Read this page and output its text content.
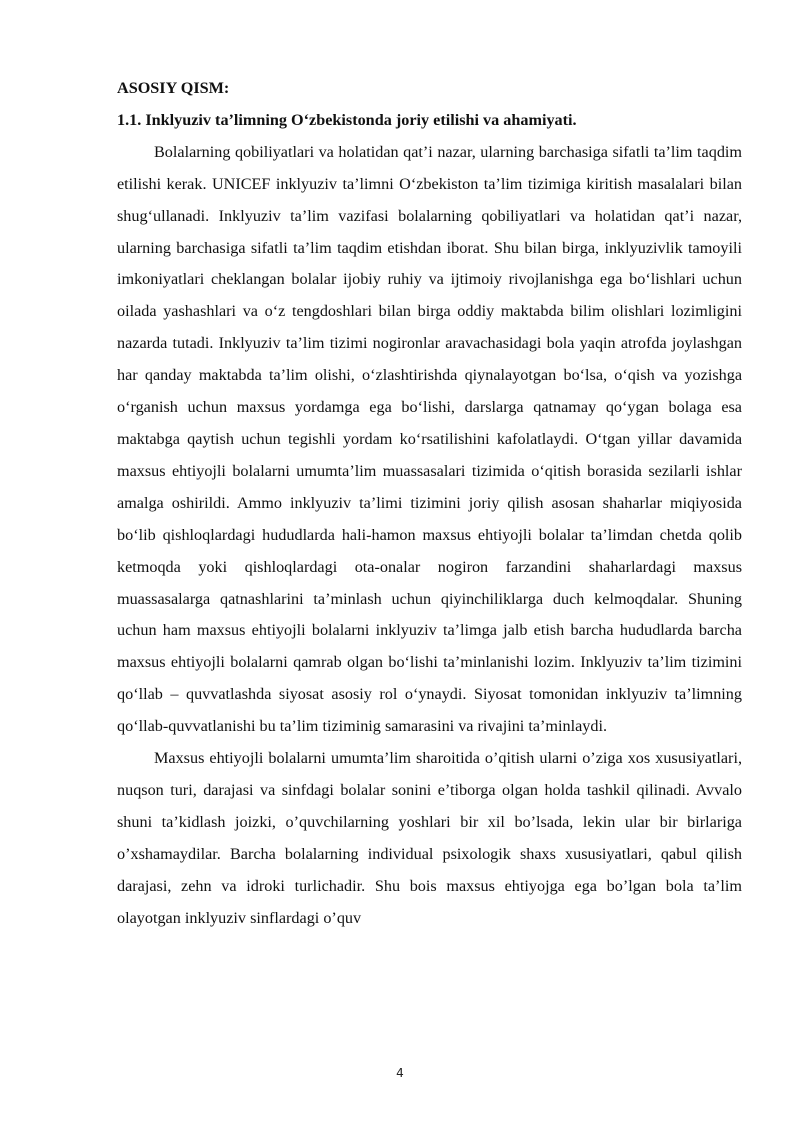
ASOSIY QISM:

1.1. Inklyuziv ta’limning O‘zbekistonda joriy etilishi va ahamiyati.

Bolalarning qobiliyatlari va holatidan qat’i nazar, ularning barchasiga sifatli ta’lim taqdim etilishi kerak. UNICEF inklyuziv ta’limni O‘zbekiston ta’lim tizimiga kiritish masalalari bilan shug‘ullanadi. Inklyuziv ta’lim vazifasi bolalarning qobiliyatlari va holatidan qat’i nazar, ularning barchasiga sifatli ta’lim taqdim etishdan iborat. Shu bilan birga, inklyuzivlik tamoyili imkoniyatlari cheklangan bolalar ijobiy ruhiy va ijtimoiy rivojlanishga ega bo‘lishlari uchun oilada yashashlari va o‘z tengdoshlari bilan birga oddiy maktabda bilim olishlari lozimligini nazarda tutadi. Inklyuziv ta’lim tizimi nogironlar aravachasidagi bola yaqin atrofda joylashgan har qanday maktabda ta’lim olishi, o‘zlashtirishda qiynalayotgan bo‘lsa, o‘qish va yozishga o‘rganish uchun maxsus yordamga ega bo‘lishi, darslarga qatnamay qo‘ygan bolaga esa maktabga qaytish uchun tegishli yordam ko‘rsatilishini kafolatlaydi. O‘tgan yillar davamida maxsus ehtiyojli bolalarni umumta’lim muassasalari tizimida o‘qitish borasida sezilarli ishlar amalga oshirildi. Ammo inklyuziv ta’limi tizimini joriy qilish asosan shaharlar miqiyosida bo‘lib qishloqlardagi hududlarda hali-hamon maxsus ehtiyojli bolalar ta’limdan chetda qolib ketmoqda yoki qishloqlardagi ota-onalar nogiron farzandini shaharlardagi maxsus muassasalarga qatnashlarini ta’minlash uchun qiyinchiliklarga duch kelmoqdalar. Shuning uchun ham maxsus ehtiyojli bolalarni inklyuziv ta’limga jalb etish barcha hududlarda barcha maxsus ehtiyojli bolalarni qamrab olgan bo‘lishi ta’minlanishi lozim. Inklyuziv ta’lim tizimini qo‘llab – quvvatlashda siyosat asosiy rol o‘ynaydi. Siyosat tomonidan inklyuziv ta’limning qo‘llab-quvvatlanishi bu ta’lim tiziminig samarasini va rivajini ta’minlaydi.

Maxsus ehtiyojli bolalarni umumta’lim sharoitida o’qitish ularni o’ziga xos xususiyatlari, nuqson turi, darajasi va sinfdagi bolalar sonini e’tiborga olgan holda tashkil qilinadi. Avvalo shuni ta’kidlash joizki, o’quvchilarning yoshlari bir xil bo’lsada, lekin ular bir birlariga o’xshamaydilar. Barcha bolalarning individual psixologik shaxs xususiyatlari, qabul qilish darajasi, zehn va idroki turlichadir. Shu bois maxsus ehtiyojga ega bo’lgan bola ta’lim olayotgan inklyuziv sinflardagi o’quv

4
